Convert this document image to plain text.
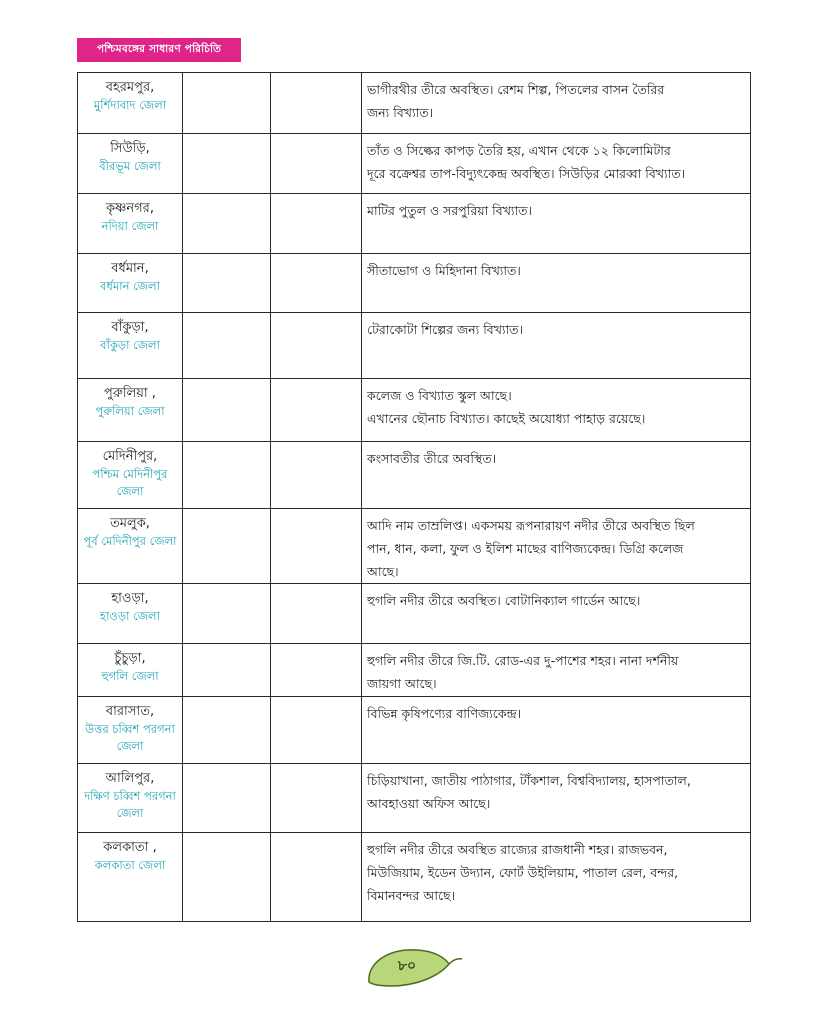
পশ্চিমবঙ্গের সাধারণ পরিচিতি
বহরমপুর,
মুর্শিদাবাদ জেলা			ভাগীরথীর তীরে অবস্থিত। রেশম শিল্প, পিতলের বাসন তৈরির
জন্য বিখ্যাত।

সিউড়ি,
বীরভূম জেলা			তাঁত ও সিল্কের কাপড় তৈরি হয়, এখান থেকে ১২ কিলোমিটার
দূরে বক্রেশ্বর তাপ-বিদ্যুৎকেন্দ্র অবস্থিত। সিউড়ির মোরব্বা বিখ্যাত।

কৃষ্ণনগর,
নদিয়া জেলা			মাটির পুতুল ও সরপুরিয়া বিখ্যাত।

বর্ধমান,
বর্ধমান জেলা			সীতাভোগ ও মিহিদানা বিখ্যাত।

বাঁকুড়া,
বাঁকুড়া জেলা			টেরাকোটা শিল্পের জন্য বিখ্যাত।

পুরুলিয়া ,
পুরুলিয়া জেলা			কলেজ ও বিখ্যাত স্কুল আছে।
এখানের ছৌনাচ বিখ্যাত। কাছেই অযোধ্যা পাহাড় রয়েছে।

মেদিনীপুর,
পশ্চিম মেদিনীপুর জেলা			কংসাবতীর তীরে অবস্থিত।

তমলুক,
পূর্ব মেদিনীপুর জেলা			আদি নাম তাম্রলিপ্ত। একসময় রূপনারায়ণ নদীর তীরে অবস্থিত ছিল
পান, ধান, কলা, ফুল ও ইলিশ মাছের বাণিজ্যকেন্দ্র। ডিগ্রি কলেজ
আছে।

হাওড়া,
হাওড়া জেলা			হুগলি নদীর তীরে অবস্থিত। বোটানিক্যাল গার্ডেন আছে।

চুঁচুড়া,
হুগলি জেলা			হুগলি নদীর তীরে জি.টি. রোড-এর দু-পাশের শহর। নানা দর্শনীয়
জায়গা আছে।

বারাসাত,
উত্তর চব্বিশ পরগনা জেলা			বিভিন্ন কৃষিপণ্যের বাণিজ্যকেন্দ্র।

আলিপুর,
দক্ষিণ চব্বিশ পরগনা জেলা			চিড়িয়াখানা, জাতীয় পাঠাগার, টাঁকশাল, বিশ্ববিদ্যালয়, হাসপাতাল,
আবহাওয়া অফিস আছে।

কলকাতা ,
কলকাতা জেলা			হুগলি নদীর তীরে অবস্থিত রাজ্যের রাজধানী শহর। রাজভবন,
মিউজিয়াম, ইডেন উদ্যান, ফোর্ট উইলিয়াম, পাতাল রেল, বন্দর,
বিমানবন্দর আছে।
৮০
